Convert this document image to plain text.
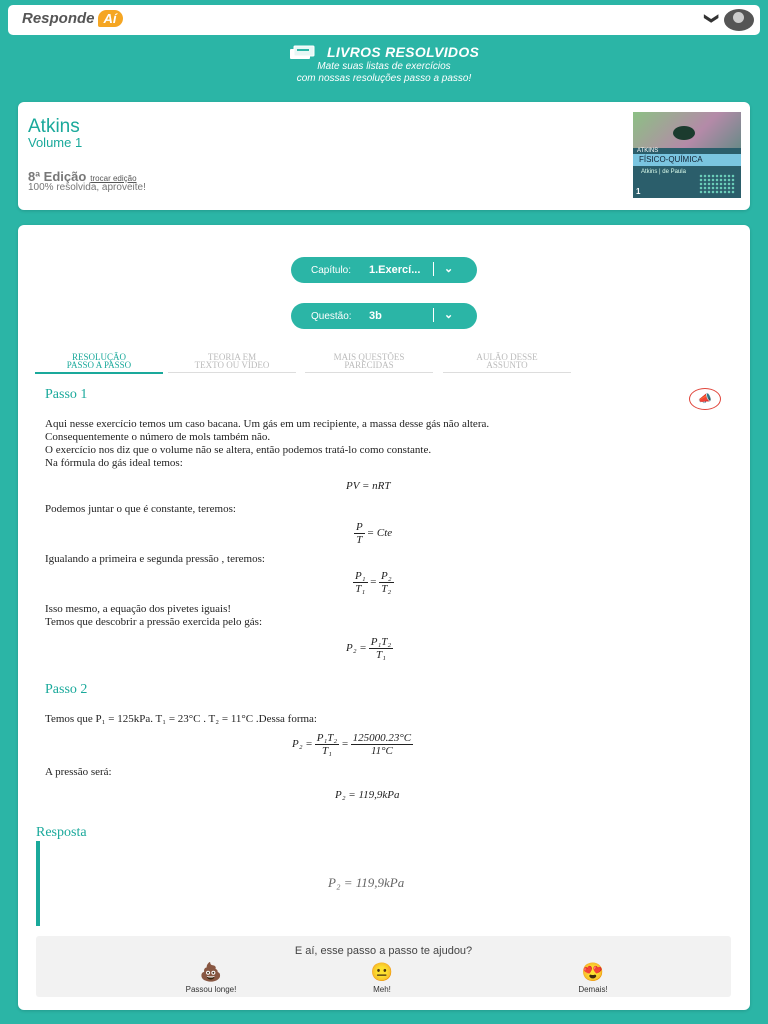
Responde Aí	❯
LIVROS RESOLVIDOS
Mate suas listas de exercícios
com nossas resoluções passo a passo!
Atkins
Volume 1
8ª Edição trocar edição
100% resolvida, aproveite!
ATKINS
FÍSICO-QUÍMICA
Atkins | de Paula
1
Capítulo: 1.Exercí... ⌄
Questão: 3b	⌄
RESOLUÇÃO
PASSO A PASSO
TEORIA EM
TEXTO OU VÍDEO
MAIS QUESTÕES
PARECIDAS
AULÃO DESSE
ASSUNTO
Passo 1	📣
Aqui nesse exercício temos um caso bacana. Um gás em um recipiente, a massa desse gás não altera.
Consequentemente o número de mols também não.
O exercício nos diz que o volume não se altera, então podemos tratá-lo como constante.
Na fórmula do gás ideal temos:
PV = nRT
Podemos juntar o que é constante, teremos:
$\frac{P}{T}$ = Cte
Igualando a primeira e segunda pressão , teremos:
$\frac{\text{P₁}}{\text{T₁}} = \frac{\text{P₂}}{\text{T₂}}$
Isso mesmo, a equação dos pivetes iguais!
Temos que descobrir a pressão exercida pelo gás:
$P_2 = \frac{\text{P₁T₂}}{\text{T₁}}$
Passo 2
Temos que P₁ = 125kPa. T₁ = 23°C . T₂ = 11°C .Dessa forma:
$P_2 = \frac{\text{P₁T₂}}{\text{T₁}} = \frac{125000.23^\circ C}{11^\circ C}$
A pressão será:
P₂ = 119,9kPa
Resposta
P₂ = 119,9kPa
E aí, esse passo a passo te ajudou?
💩
Passou longe!
😐
Meh!
😍
Demais!
